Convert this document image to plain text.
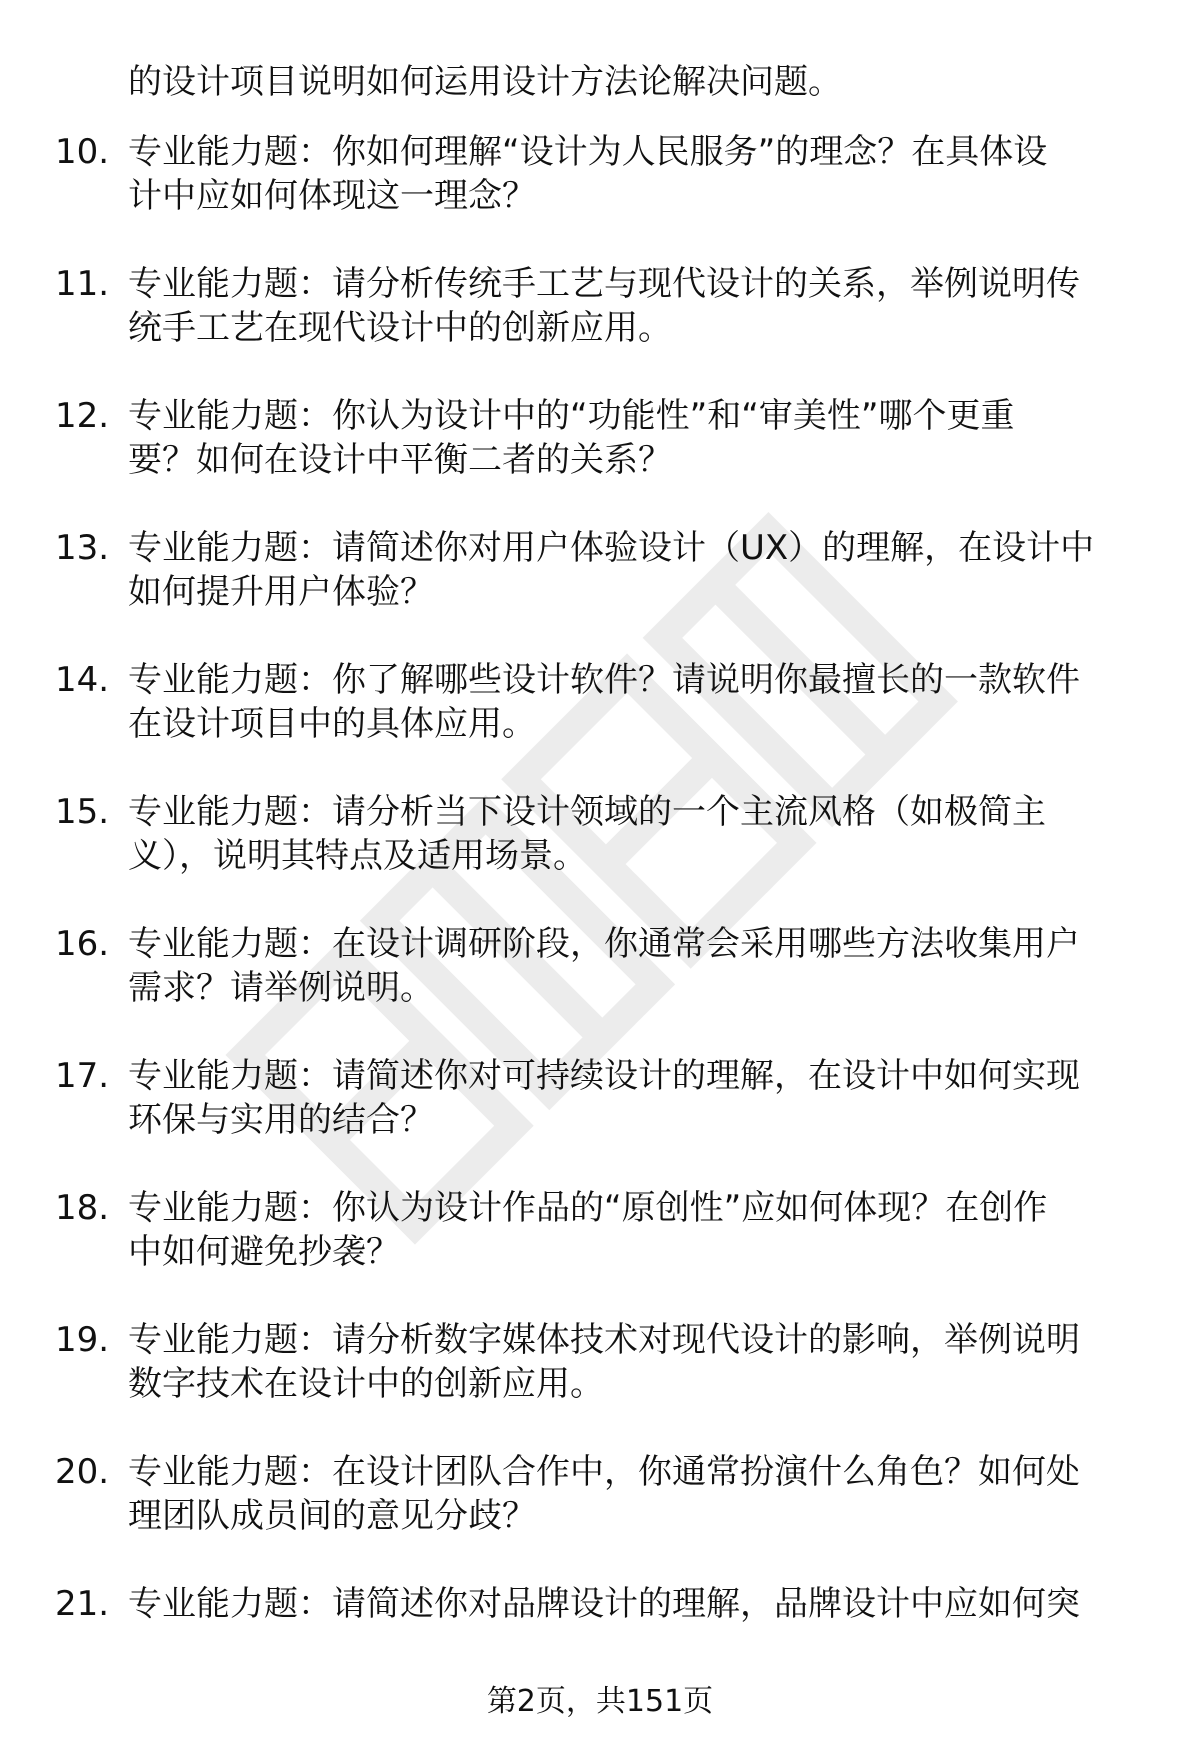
的设计项目说明如何运用设计方法论解决问题。
10. 专业能力题：你如何理解“设计为人民服务”的理念？在具体设
计中应如何体现这一理念？
11. 专业能力题：请分析传统手工艺与现代设计的关系，举例说明传
统手工艺在现代设计中的创新应用。
12. 专业能力题：你认为设计中的“功能性”和“审美性”哪个更重
要？如何在设计中平衡二者的关系？
13. 专业能力题：请简述你对用户体验设计（UX）的理解，在设计中
如何提升用户体验？
14. 专业能力题：你了解哪些设计软件？请说明你最擅长的一款软件
在设计项目中的具体应用。
15. 专业能力题：请分析当下设计领域的一个主流风格（如极简主
义），说明其特点及适用场景。
16. 专业能力题：在设计调研阶段，你通常会采用哪些方法收集用户
需求？请举例说明。
17. 专业能力题：请简述你对可持续设计的理解，在设计中如何实现
环保与实用的结合？
18. 专业能力题：你认为设计作品的“原创性”应如何体现？在创作
中如何避免抄袭？
19. 专业能力题：请分析数字媒体技术对现代设计的影响，举例说明
数字技术在设计中的创新应用。
20. 专业能力题：在设计团队合作中，你通常扮演什么角色？如何处
理团队成员间的意见分歧？
21. 专业能力题：请简述你对品牌设计的理解，品牌设计中应如何突
第2页，共151页
